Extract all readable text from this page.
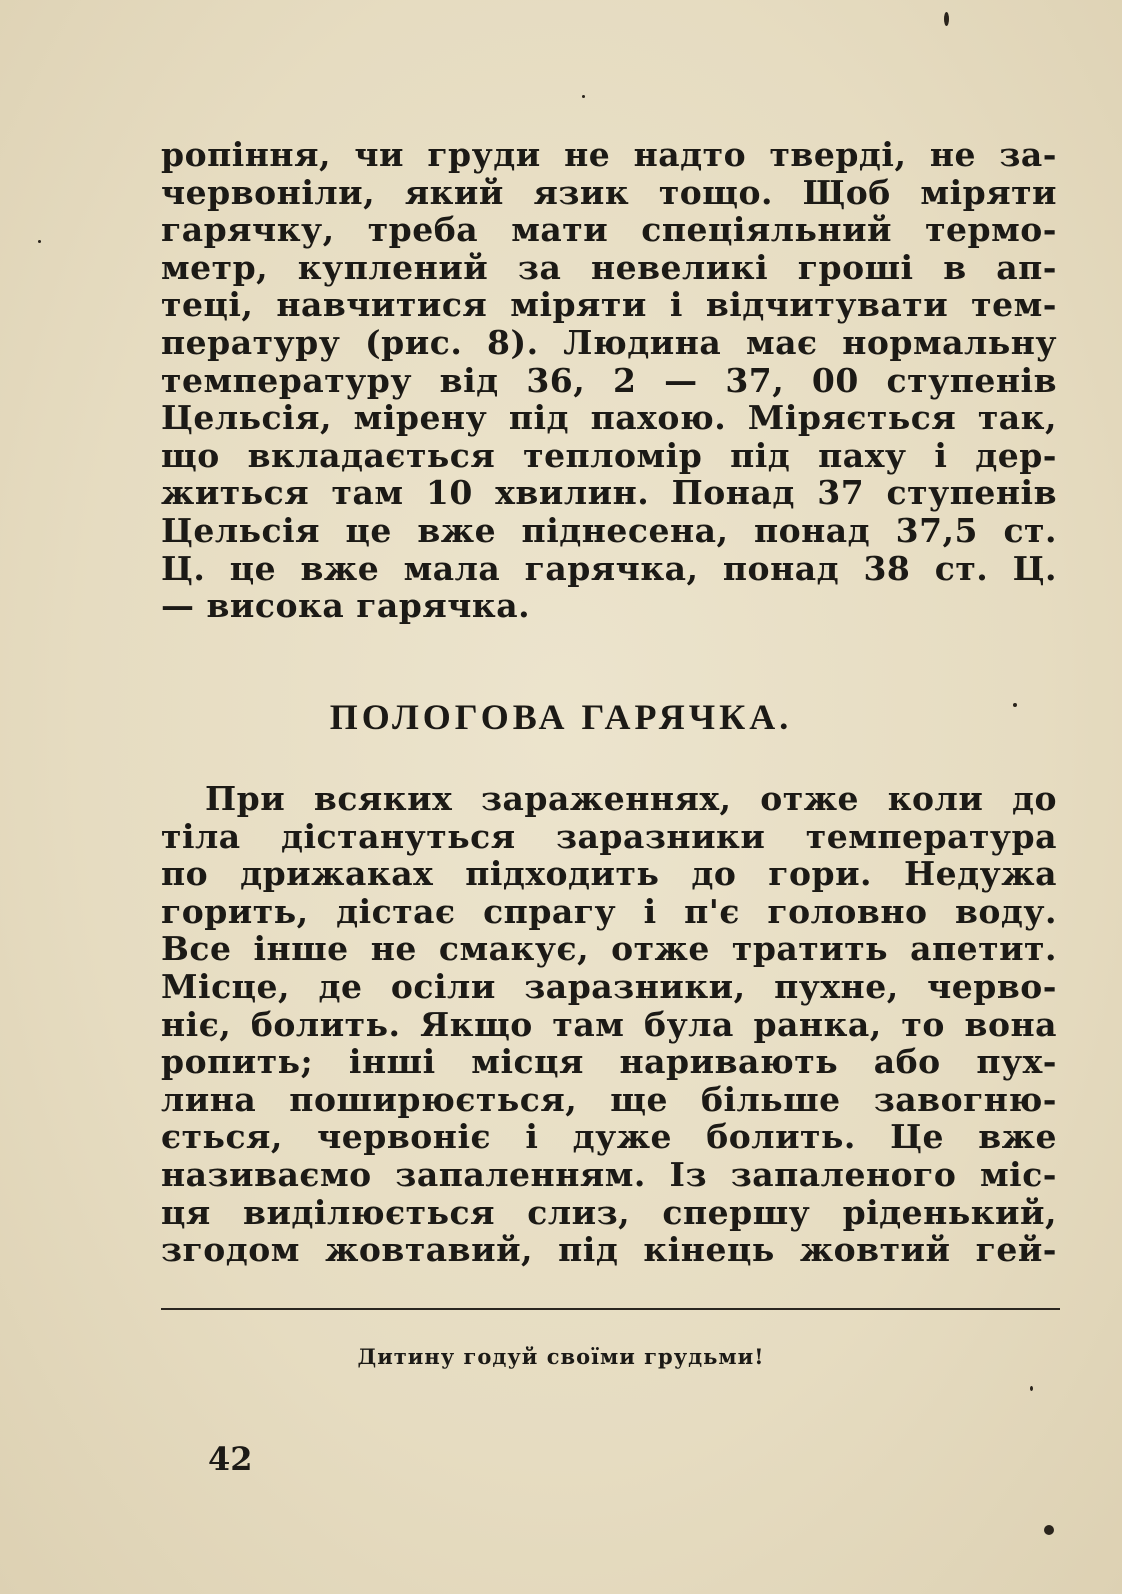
ропіння, чи груди не надто тверді, не за-
червоніли, який язик тощо. Щоб міряти
гарячку, треба мати спеціяльний термо-
метр, куплений за невеликі гроші в ап-
теці, навчитися міряти і відчитувати тем-
пературу (рис. 8). Людина має нормальну
температуру від 36, 2 — 37, 00 ступенів
Цельсія, мірену під пахою. Міряється так,
що вкладається тепломір під паху і дер-
житься там 10 хвилин. Понад 37 ступенів
Цельсія це вже піднесена, понад 37,5 ст.
Ц. це вже мала гарячка, понад 38 ст. Ц.
— висока гарячка.
ПОЛОГОВА ГАРЯЧКА.
При всяких зараженнях, отже коли до
тіла дістануться заразники температура
по дрижаках підходить до гори. Недужа
горить, дістає спрагу і п'є головно воду.
Все інше не смакує, отже тратить апетит.
Місце, де осіли заразники, пухне, черво-
ніє, болить. Якщо там була ранка, то вона
ропить; інші місця наривають або пух-
лина поширюється, ще більше завогню-
ється, червоніє і дуже болить. Це вже
називаємо запаленням. Із запаленого міс-
ця виділюється слиз, спершу ріденький,
згодом жовтавий, під кінець жовтий гей-
Дитину годуй своїми грудьми!
42
